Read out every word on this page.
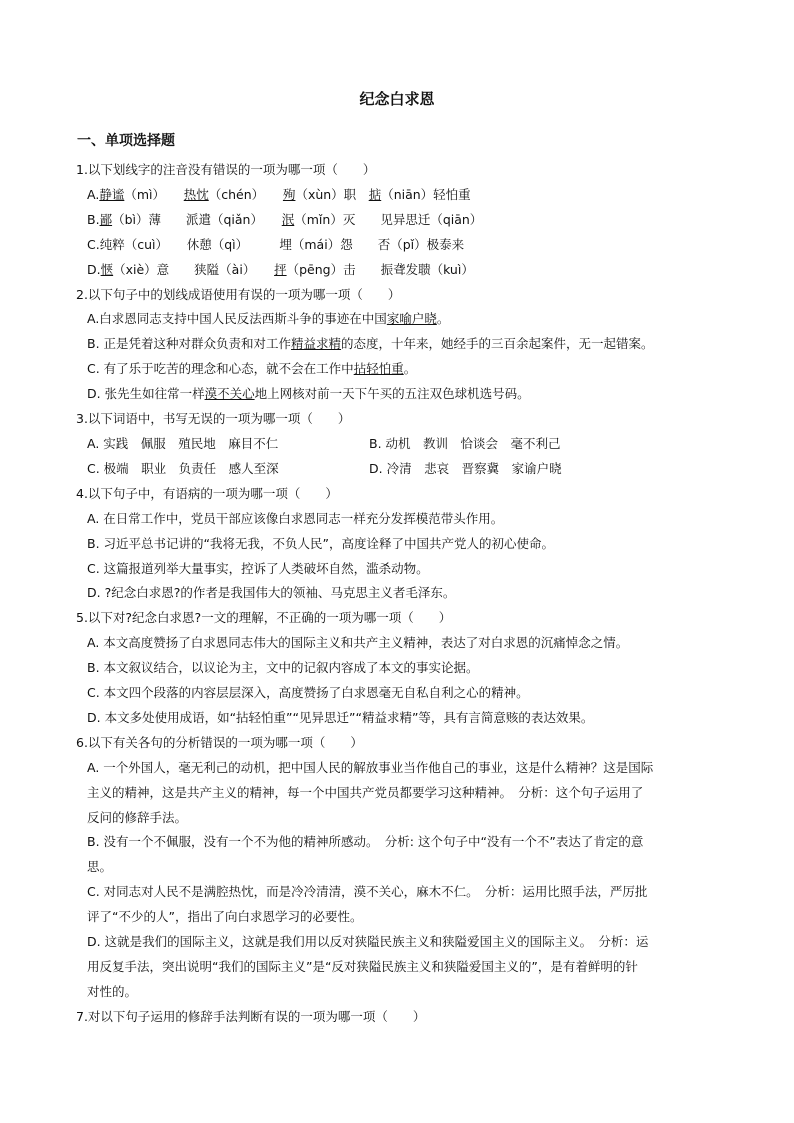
纪念白求恩
一、单项选择题

1.以下划线字的注音没有错误的一项为哪一项（　　）

A.静谧（mì）　　热忱（chén）　　殉（xùn）职　掂（niān）轻怕重

B.鄙（bì）薄　　派遣（qiǎn）　　泯（mǐn）灭　　见异思迁（qiān）

C.纯粹（cuì）　　休憩（qì）　　　埋（mái）怨　　否（pǐ）极泰来

D.惬（xiè）意　　狭隘（ài）　　抨（pēng）击　　振聋发聩（kuì）

2.以下句子中的划线成语使用有误的一项为哪一项（　　）

A.白求恩同志支持中国人民反法西斯斗争的事迹在中国家喻户晓。

B. 正是凭着这种对群众负责和对工作精益求精的态度，十年来，她经手的三百余起案件，无一起错案。

C. 有了乐于吃苦的理念和心态，就不会在工作中拈轻怕重。

D. 张先生如往常一样漠不关心地上网核对前一天下午买的五注双色球机选号码。

3.以下词语中，书写无误的一项为哪一项（　　）

A. 实践　佩服　殖民地　麻目不仁	B. 动机　教训　恰谈会　毫不利己

C. 极端　职业　负责任　感人至深	D. 冷清　悲哀　晋察冀　家谕户晓

4.以下句子中，有语病的一项为哪一项（　　）

A. 在日常工作中，党员干部应该像白求恩同志一样充分发挥模范带头作用。

B. 习近平总书记讲的“我将无我，不负人民”，高度诠释了中国共产党人的初心使命。

C. 这篇报道列举大量事实，控诉了人类破坏自然，滥杀动物。

D. ?纪念白求恩?的作者是我国伟大的领袖、马克思主义者毛泽东。

5.以下对?纪念白求恩?一文的理解，不正确的一项为哪一项（　　）

A. 本文高度赞扬了白求恩同志伟大的国际主义和共产主义精神，表达了对白求恩的沉痛悼念之情。

B. 本文叙议结合，以议论为主，文中的记叙内容成了本文的事实论据。

C. 本文四个段落的内容层层深入，高度赞扬了白求恩毫无自私自利之心的精神。

D. 本文多处使用成语，如“拈轻怕重”“见异思迁”“精益求精”等，具有言简意赅的表达效果。

6.以下有关各句的分析错误的一项为哪一项（　　）

A. 一个外国人，毫无利己的动机，把中国人民的解放事业当作他自己的事业，这是什么精神？这是国际

主义的精神，这是共产主义的精神，每一个中国共产党员都要学习这种精神。　分析：这个句子运用了

反问的修辞手法。

B. 没有一个不佩服，没有一个不为他的精神所感动。　分析: 这个句子中“没有一个不”表达了肯定的意

思。

C. 对同志对人民不是满腔热忱，而是冷冷清清，漠不关心，麻木不仁。　分析：运用比照手法，严厉批

评了“不少的人”，指出了向白求恩学习的必要性。

D. 这就是我们的国际主义，这就是我们用以反对狭隘民族主义和狭隘爱国主义的国际主义。　分析：运

用反复手法，突出说明“我们的国际主义”是“反对狭隘民族主义和狭隘爱国主义的”，是有着鲜明的针

对性的。

7.对以下句子运用的修辞手法判断有误的一项为哪一项（　　）
